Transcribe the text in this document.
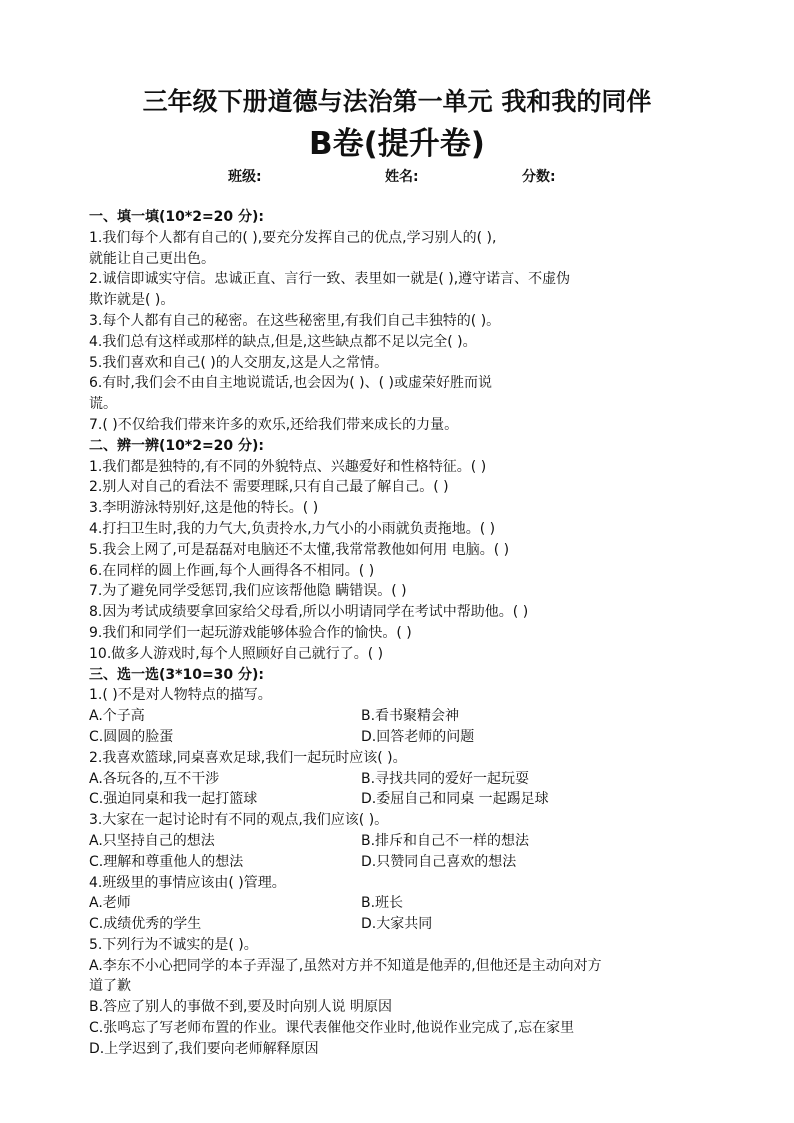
三年级下册道德与法治第一单元 我和我的同伴
B卷(提升卷)
班级:	姓名:	分数:
一、填一填(10*2=20 分):
1.我们每个人都有自己的( ),要充分发挥自己的优点,学习别人的( ),
就能让自己更出色。
2.诚信即诚实守信。忠诚正直、言行一致、表里如一就是( ),遵守诺言、不虚伪
欺诈就是( )。
3.每个人都有自己的秘密。在这些秘密里,有我们自己丰独特的( )。
4.我们总有这样或那样的缺点,但是,这些缺点都不足以完全( )。
5.我们喜欢和自己( )的人交朋友,这是人之常情。
6.有时,我们会不由自主地说谎话,也会因为( )、( )或虚荣好胜而说
谎。
7.( )不仅给我们带来许多的欢乐,还给我们带来成长的力量。
二、辨一辨(10*2=20 分):
1.我们都是独特的,有不同的外貌特点、兴趣爱好和性格特征。( )
2.别人对自己的看法不 需要理睬,只有自己最了解自己。( )
3.李明游泳特别好,这是他的特长。( )
4.打扫卫生时,我的力气大,负责拎水,力气小的小雨就负责拖地。( )
5.我会上网了,可是磊磊对电脑还不太懂,我常常教他如何用 电脑。( )
6.在同样的圆上作画,每个人画得各不相同。( )
7.为了避免同学受惩罚,我们应该帮他隐 瞒错误。( )
8.因为考试成绩要拿回家给父母看,所以小明请同学在考试中帮助他。( )
9.我们和同学们一起玩游戏能够体验合作的愉快。( )
10.做多人游戏时,每个人照顾好自己就行了。( )
三、选一选(3*10=30 分):
1.( )不是对人物特点的描写。
A.个子高	B.看书聚精会神
C.圆圆的脸蛋	D.回答老师的问题
2.我喜欢篮球,同桌喜欢足球,我们一起玩时应该( )。
A.各玩各的,互不干涉	B.寻找共同的爱好一起玩耍
C.强迫同桌和我一起打篮球	D.委屈自己和同桌 一起踢足球
3.大家在一起讨论时有不同的观点,我们应该( )。
A.只坚持自己的想法	B.排斥和自己不一样的想法
C.理解和尊重他人的想法	D.只赞同自己喜欢的想法
4.班级里的事情应该由( )管理。
A.老师	B.班长
C.成绩优秀的学生	D.大家共同
5.下列行为不诚实的是( )。
A.李东不小心把同学的本子弄湿了,虽然对方并不知道是他弄的,但他还是主动向对方
道了歉
B.答应了别人的事做不到,要及时向别人说 明原因
C.张鸣忘了写老师布置的作业。课代表催他交作业时,他说作业完成了,忘在家里
D.上学迟到了,我们要向老师解释原因
